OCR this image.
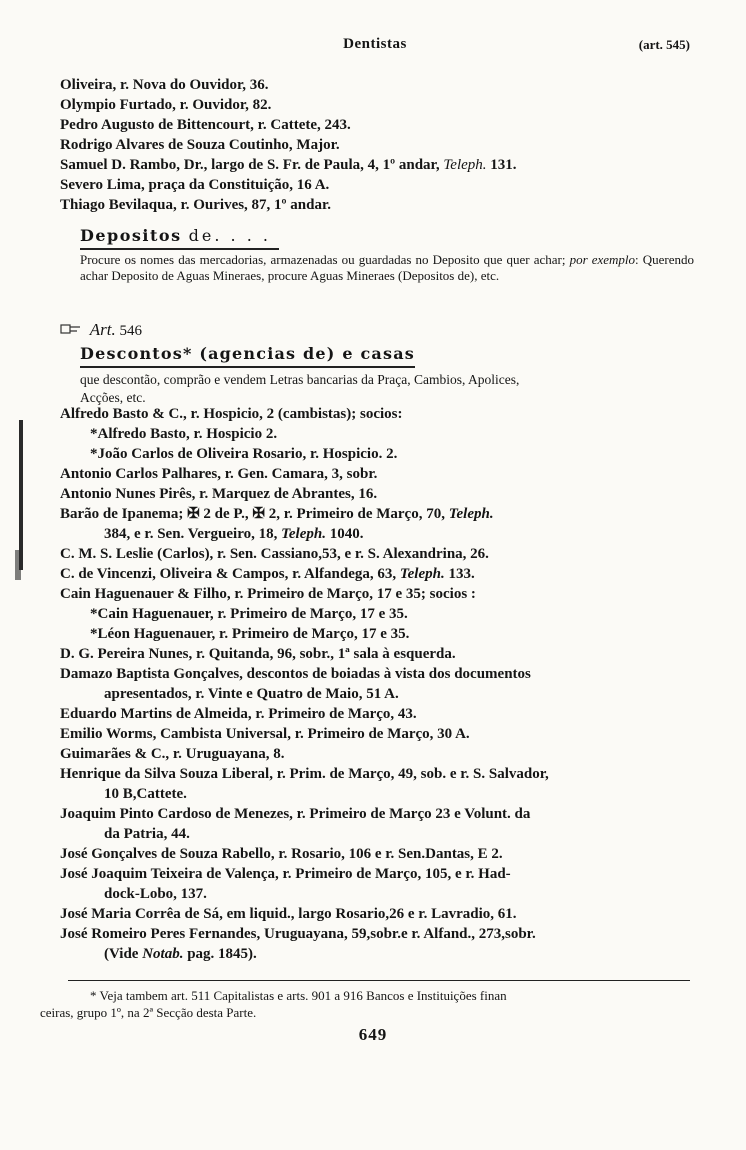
Dentistas	(art. 545)
Oliveira, r. Nova do Ouvidor, 36.
Olympio Furtado, r. Ouvidor, 82.
Pedro Augusto de Bittencourt, r. Cattete, 243.
Rodrigo Alvares de Souza Coutinho, Major.
Samuel D. Rambo, Dr., largo de S. Fr. de Paula, 4, 1º andar, Teleph. 131.
Severo Lima, praça da Constituição, 16 A.
Thiago Bevilaqua, r. Ourives, 87, 1º andar.
Depositos de. . . .
Procure os nomes das mercadorias, armazenadas ou guardadas no Deposito que quer achar; por exemplo: Querendo achar Deposito de Aguas Mineraes, procure Aguas Mineraes (Depositos de), etc.
Art. 546
Descontos* (agencias de) e casas
que descontão, comprão e vendem Letras bancarias da Praça, Cambios, Apolices,
Acções, etc.
Alfredo Basto & C., r. Hospicio, 2 (cambistas); socios:
*Alfredo Basto, r. Hospicio 2.
*João Carlos de Oliveira Rosario, r. Hospicio. 2.
Antonio Carlos Palhares, r. Gen. Camara, 3, sobr.
Antonio Nunes Pirês, r. Marquez de Abrantes, 16.
Barão de Ipanema; ✠ 2 de P., ✠ 2, r. Primeiro de Março, 70, Teleph.
384, e r. Sen. Vergueiro, 18, Teleph. 1040.
C. M. S. Leslie (Carlos), r. Sen. Cassiano,53, e r. S. Alexandrina, 26.
C. de Vincenzi, Oliveira & Campos, r. Alfandega, 63, Teleph. 133.
Cain Haguenauer & Filho, r. Primeiro de Março, 17 e 35; socios :
*Cain Haguenauer, r. Primeiro de Março, 17 e 35.
*Léon Haguenauer, r. Primeiro de Março, 17 e 35.
D. G. Pereira Nunes, r. Quitanda, 96, sobr., 1ª sala à esquerda.
Damazo Baptista Gonçalves, descontos de boiadas à vista dos documentos
apresentados, r. Vinte e Quatro de Maio, 51 A.
Eduardo Martins de Almeida, r. Primeiro de Março, 43.
Emilio Worms, Cambista Universal, r. Primeiro de Março, 30 A.
Guimarães & C., r. Uruguayana, 8.
Henrique da Silva Souza Liberal, r. Prim. de Março, 49, sob. e r. S. Salvador,
10 B,Cattete.
Joaquim Pinto Cardoso de Menezes, r. Primeiro de Março 23 e Volunt. da
da Patria, 44.
José Gonçalves de Souza Rabello, r. Rosario, 106 e r. Sen.Dantas, E 2.
José Joaquim Teixeira de Valença, r. Primeiro de Março, 105, e r. Had-
dock-Lobo, 137.
José Maria Corrêa de Sá, em liquid., largo Rosario,26 e r. Lavradio, 61.
José Romeiro Peres Fernandes, Uruguayana, 59,sobr.e r. Alfand., 273,sobr.
(Vide Notab. pag. 1845).
* Veja tambem art. 511 Capitalistas e arts. 901 a 916 Bancos e Instituições finan
ceiras, grupo 1º, na 2ª Secção desta Parte.
649
